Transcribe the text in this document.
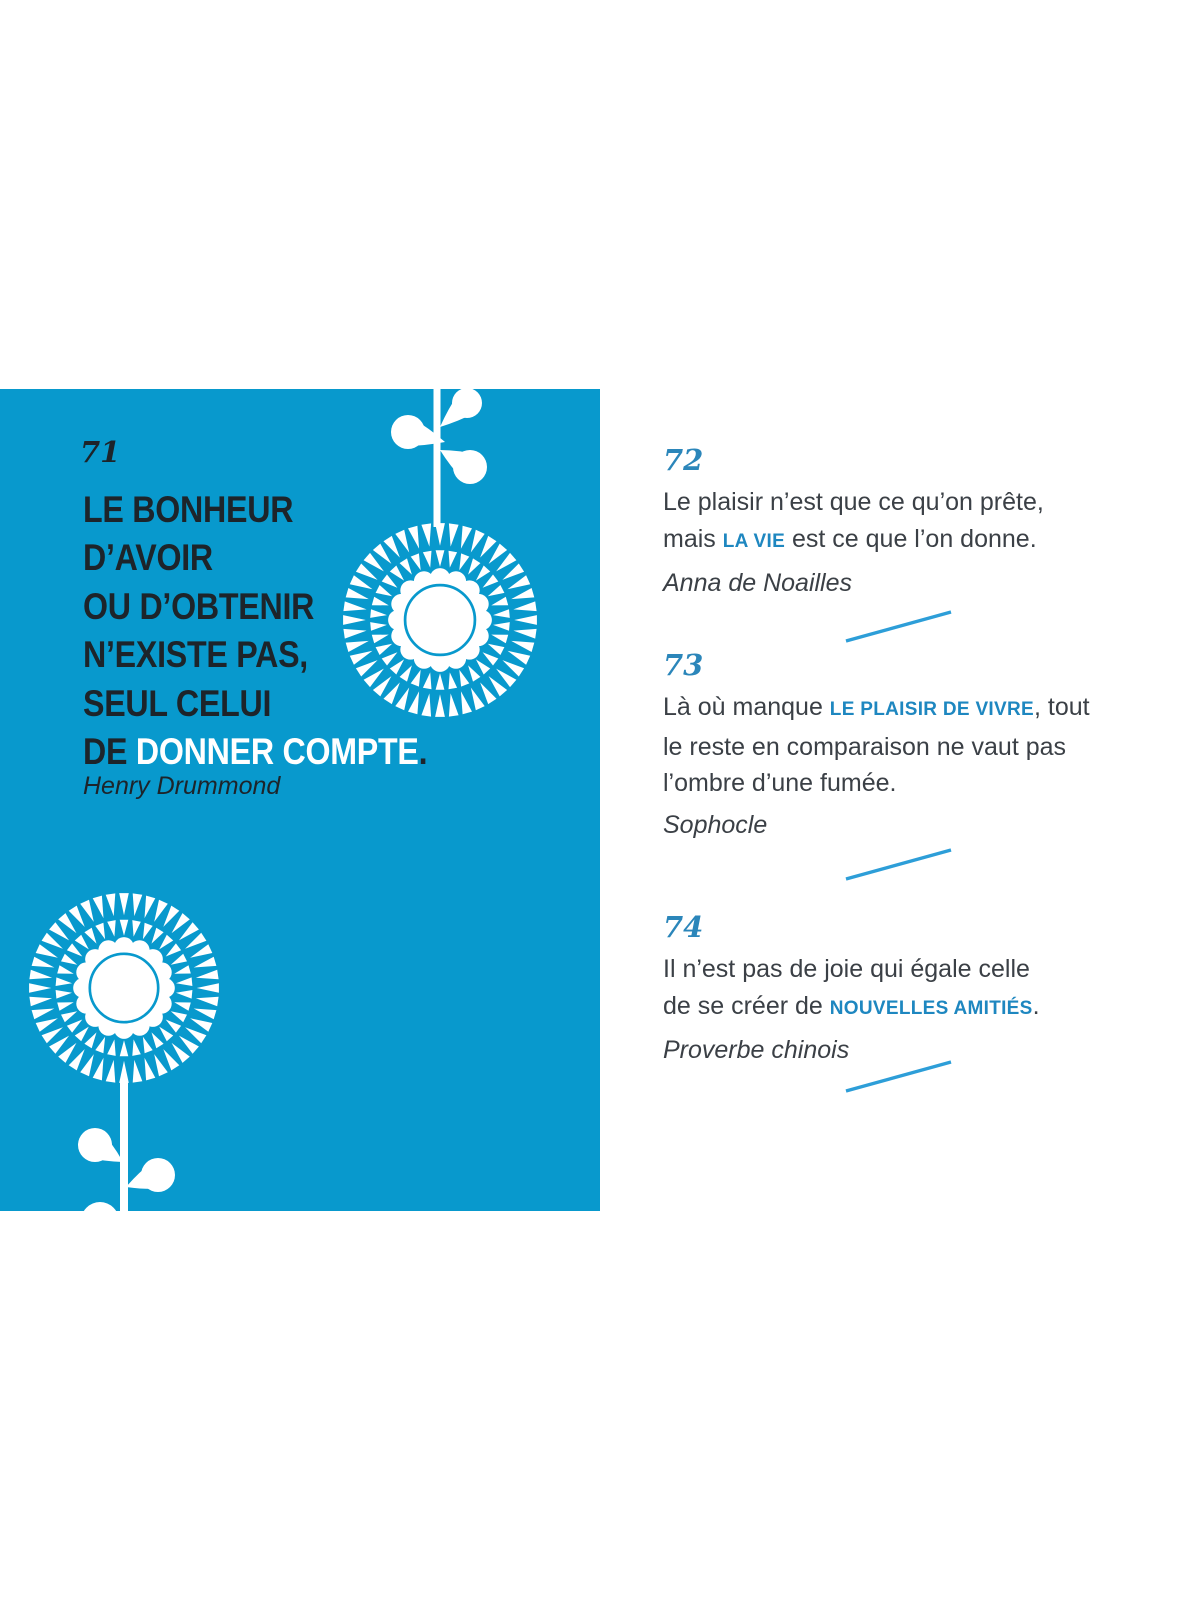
71
LE BONHEUR
D’AVOIR
OU D’OBTENIR
N’EXISTE PAS,
SEUL CELUI
DE DONNER COMPTE.
Henry Drummond
72
Le plaisir n’est que ce qu’on prête,
mais LA VIE est ce que l’on donne.
Anna de Noailles
73
Là où manque LE PLAISIR DE VIVRE, tout
le reste en comparaison ne vaut pas
l’ombre d’une fumée.
Sophocle
74
Il n’est pas de joie qui égale celle
de se créer de NOUVELLES AMITIÉS.
Proverbe chinois
